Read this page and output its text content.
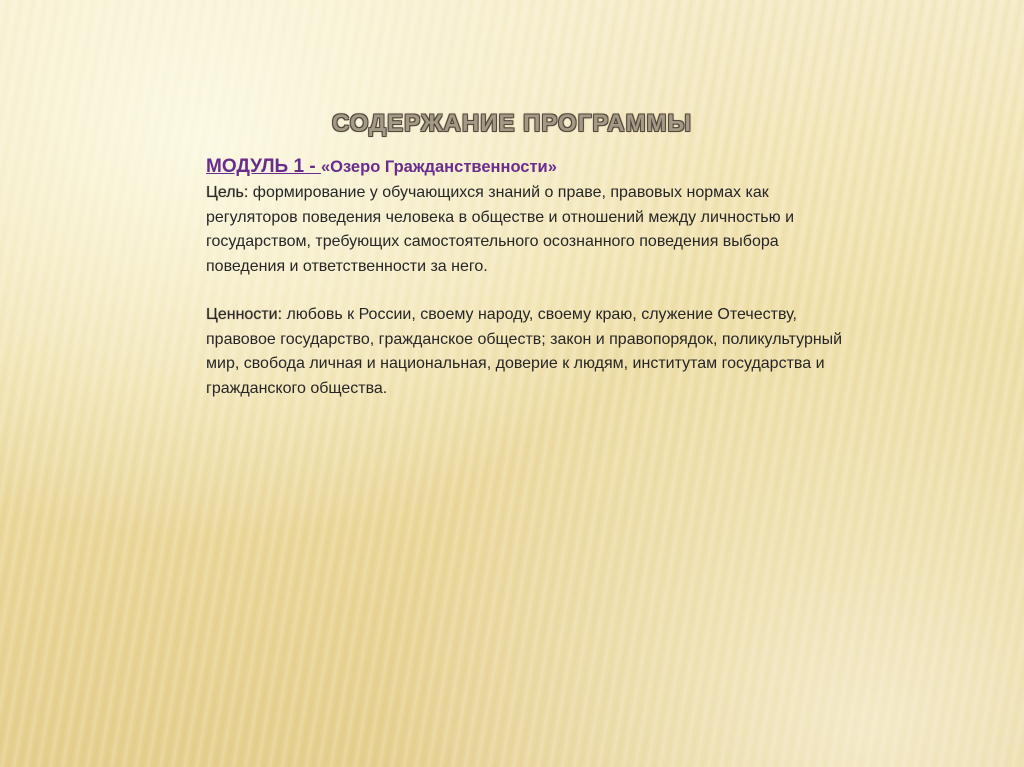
СОДЕРЖАНИЕ ПРОГРАММЫ
МОДУЛЬ 1 - «Озеро Гражданственности»

Цель: формирование у обучающихся знаний о праве, правовых нормах как регуляторов поведения человека в обществе и отношений между личностью и государством, требующих самостоятельного осознанного поведения выбора поведения и ответственности за него.

Ценности: любовь к России, своему народу, своему краю, служение Отечеству, правовое государство, гражданское обществ; закон и правопорядок, поликультурный мир, свобода личная и национальная, доверие к людям, институтам государства и гражданского общества.
